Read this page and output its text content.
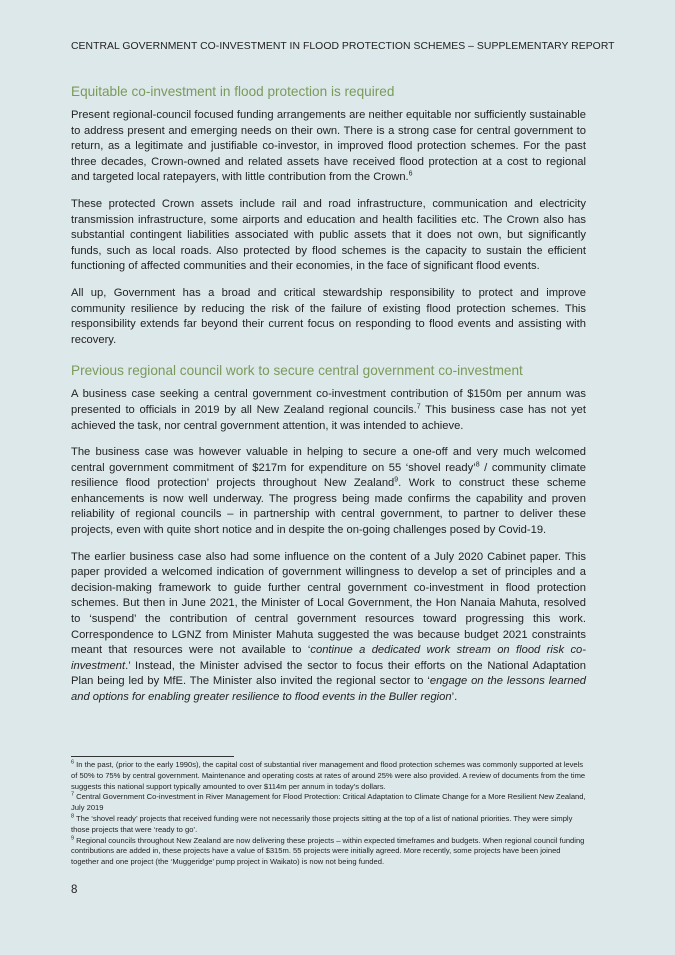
CENTRAL GOVERNMENT CO-INVESTMENT IN FLOOD PROTECTION SCHEMES – SUPPLEMENTARY REPORT
Equitable co-investment in flood protection is required

Present regional-council focused funding arrangements are neither equitable nor sufficiently sustainable to address present and emerging needs on their own. There is a strong case for central government to return, as a legitimate and justifiable co-investor, in improved flood protection schemes. For the past three decades, Crown-owned and related assets have received flood protection at a cost to regional and targeted local ratepayers, with little contribution from the Crown.$^6$

These protected Crown assets include rail and road infrastructure, communication and electricity transmission infrastructure, some airports and education and health facilities etc. The Crown also has substantial contingent liabilities associated with public assets that it does not own, but significantly funds, such as local roads. Also protected by flood schemes is the capacity to sustain the efficient functioning of affected communities and their economies, in the face of significant flood events.

All up, Government has a broad and critical stewardship responsibility to protect and improve community resilience by reducing the risk of the failure of existing flood protection schemes. This responsibility extends far beyond their current focus on responding to flood events and assisting with recovery.

Previous regional council work to secure central government co-investment

A business case seeking a central government co-investment contribution of $150m per annum was presented to officials in 2019 by all New Zealand regional councils.$^7$ This business case has not yet achieved the task, nor central government attention, it was intended to achieve.

The business case was however valuable in helping to secure a one-off and very much welcomed central government commitment of $217m for expenditure on 55 ‘shovel ready’$^8$ / community climate resilience flood protection’ projects throughout New Zealand$^9$. Work to construct these scheme enhancements is now well underway. The progress being made confirms the capability and proven reliability of regional councils – in partnership with central government, to partner to deliver these projects, even with quite short notice and in despite the on-going challenges posed by Covid-19.

The earlier business case also had some influence on the content of a July 2020 Cabinet paper. This paper provided a welcomed indication of government willingness to develop a set of principles and a decision-making framework to guide further central government co-investment in flood protection schemes. But then in June 2021, the Minister of Local Government, the Hon Nanaia Mahuta, resolved to ‘suspend’ the contribution of central government resources toward progressing this work. Correspondence to LGNZ from Minister Mahuta suggested the was because budget 2021 constraints meant that resources were not available to ‘continue a dedicated work stream on flood risk co-investment.’ Instead, the Minister advised the sector to focus their efforts on the National Adaptation Plan being led by MfE. The Minister also invited the regional sector to ‘engage on the lessons learned and options for enabling greater resilience to flood events in the Buller region’.

$^6$ In the past, (prior to the early 1990s), the capital cost of substantial river management and flood protection schemes was commonly supported at levels of 50% to 75% by central government. Maintenance and operating costs at rates of around 25% were also provided. A review of documents from the time suggests this national support typically amounted to over $114m per annum in today’s dollars.
$^7$ Central Government Co-investment in River Management for Flood Protection: Critical Adaptation to Climate Change for a More Resilient New Zealand, July 2019
$^8$ The ‘shovel ready’ projects that received funding were not necessarily those projects sitting at the top of a list of national priorities. They were simply those projects that were ‘ready to go’.
$^9$ Regional councils throughout New Zealand are now delivering these projects – within expected timeframes and budgets. When regional council funding contributions are added in, these projects have a value of $315m. 55 projects were initially agreed. More recently, some projects have been joined together and one project (the ‘Muggeridge’ pump project in Waikato) is now not being funded.
8
